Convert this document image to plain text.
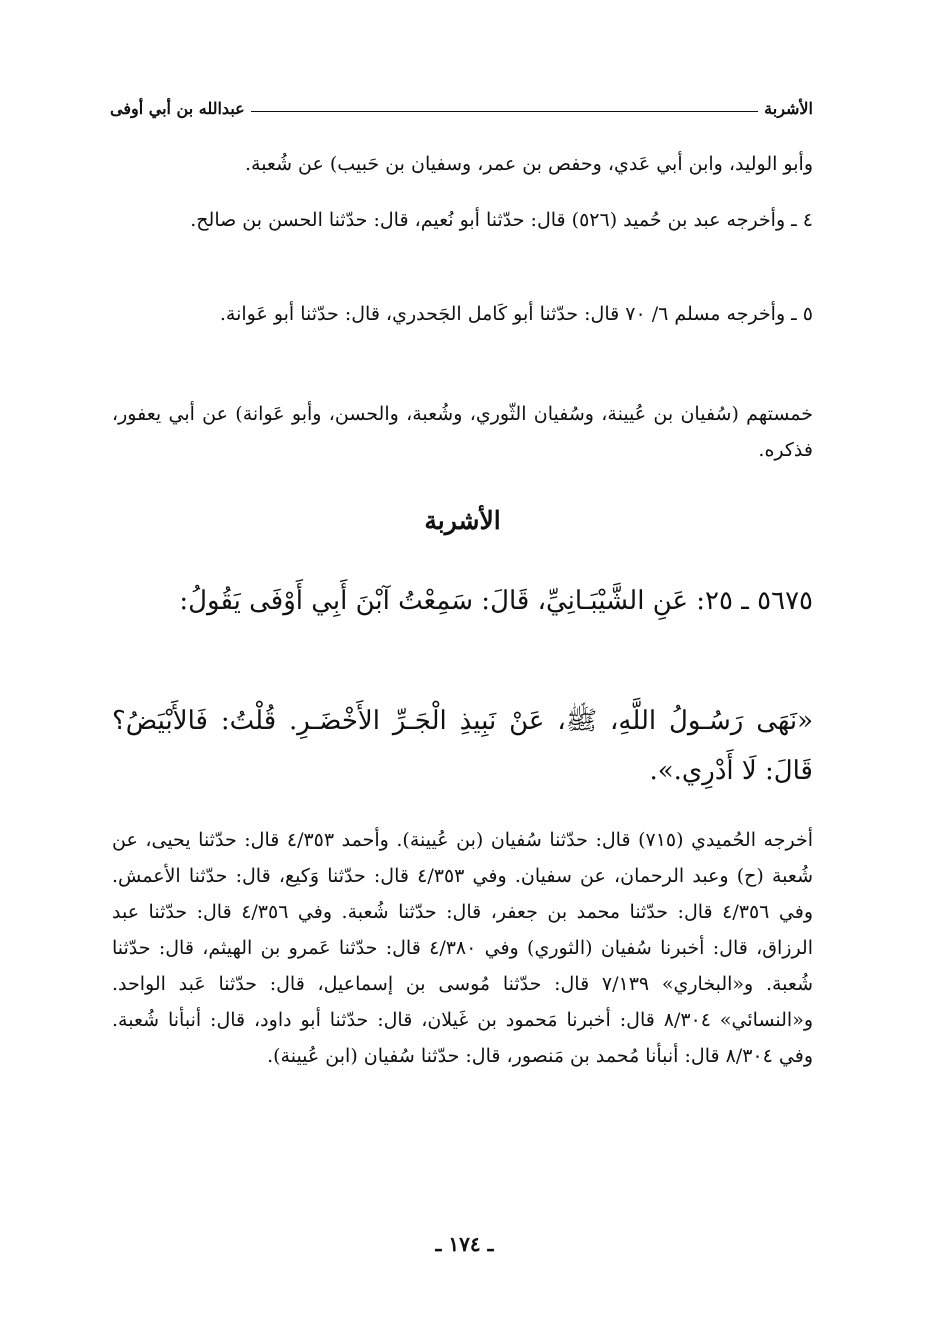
الأشربة
عبدالله بن أبي أوفى
وأبو الوليد، وابن أبي عَدي، وحفص بن عمر، وسفيان بن حَبيب) عن شُعبة.
٤ ـ وأخرجه عبد بن حُميد (٥٢٦) قال: حدّثنا أبو نُعيم، قال: حدّثنا الحسن بن صالح.
٥ ـ وأخرجه مسلم ٦/ ٧٠ قال: حدّثنا أبو كَامل الجَحدري، قال: حدّثنا أبو عَوانة.
خمستهم (سُفيان بن عُيينة، وسُفيان الثّوري، وشُعبة، والحسن، وأبو عَوانة) عن أبي يعفور، فذكره.
الأشربة
٥٦٧٥ ـ ٢٥: عَنِ الشَّيْبَـانِيِّ، قَالَ: سَمِعْتُ آبْنَ أَبِي أَوْفَى يَقُولُ:
«نَهَى رَسُـولُ اللَّهِ، ﷺ، عَنْ نَبِيذِ الْجَـرِّ الأَخْضَـرِ. قُلْتُ: فَالأَبْيَضُ؟ قَالَ: لَا أَدْرِي.».
أخرجه الحُميدي (٧١٥) قال: حدّثنا سُفيان (بن عُيينة). وأحمد ٤/٣٥٣ قال: حدّثنا يحيى، عن شُعبة (ح) وعبد الرحمان، عن سفيان. وفي ٤/٣٥٣ قال: حدّثنا وَكيع، قال: حدّثنا الأعمش. وفي ٤/٣٥٦ قال: حدّثنا محمد بن جعفر، قال: حدّثنا شُعبة. وفي ٤/٣٥٦ قال: حدّثنا عبد الرزاق، قال: أخبرنا سُفيان (الثوري) وفي ٤/٣٨٠ قال: حدّثنا عَمرو بن الهيثم، قال: حدّثنا شُعبة. و«البخاري» ٧/١٣٩ قال: حدّثنا مُوسى بن إسماعيل، قال: حدّثنا عَبد الواحد. و«النسائي» ٨/٣٠٤ قال: أخبرنا مَحمود بن غَيلان، قال: حدّثنا أبو داود، قال: أنبأنا شُعبة. وفي ٨/٣٠٤ قال: أنبأنا مُحمد بن مَنصور، قال: حدّثنا سُفيان (ابن عُيينة).
ـ ١٧٤ ـ
